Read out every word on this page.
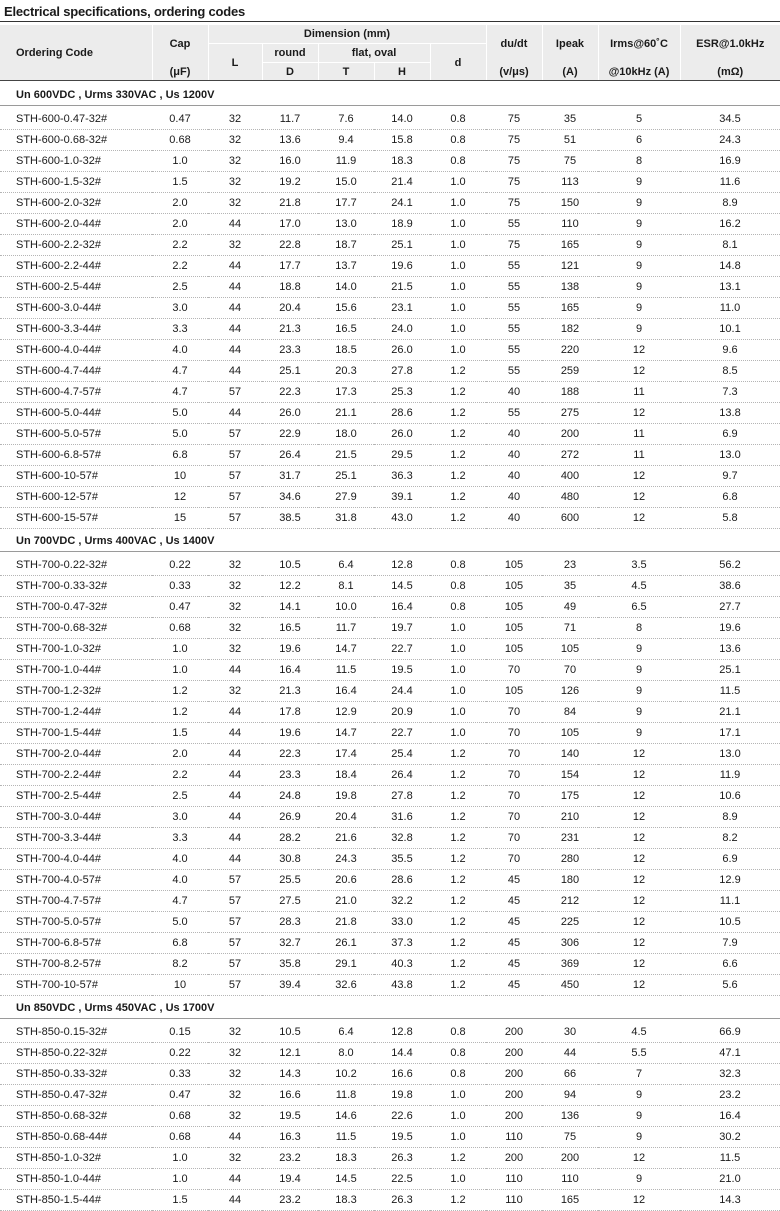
Electrical specifications, ordering codes
Ordering Code	Cap	Dimension (mm)					du/dt	Ipeak	Irms@60˚C	ESR@1.0kHz
		L	round	flat, oval		d				
	(μF)		D	T	H		(v/μs)	(A)	@10kHz (A)	(mΩ)
Un 600VDC , Urms 330VAC , Us 1200V
STH-600-0.47-32#	0.47	32	11.7	7.6	14.0	0.8	75	35	5	34.5
STH-600-0.68-32#	0.68	32	13.6	9.4	15.8	0.8	75	51	6	24.3
STH-600-1.0-32#	1.0	32	16.0	11.9	18.3	0.8	75	75	8	16.9
STH-600-1.5-32#	1.5	32	19.2	15.0	21.4	1.0	75	113	9	11.6
STH-600-2.0-32#	2.0	32	21.8	17.7	24.1	1.0	75	150	9	8.9
STH-600-2.0-44#	2.0	44	17.0	13.0	18.9	1.0	55	110	9	16.2
STH-600-2.2-32#	2.2	32	22.8	18.7	25.1	1.0	75	165	9	8.1
STH-600-2.2-44#	2.2	44	17.7	13.7	19.6	1.0	55	121	9	14.8
STH-600-2.5-44#	2.5	44	18.8	14.0	21.5	1.0	55	138	9	13.1
STH-600-3.0-44#	3.0	44	20.4	15.6	23.1	1.0	55	165	9	11.0
STH-600-3.3-44#	3.3	44	21.3	16.5	24.0	1.0	55	182	9	10.1
STH-600-4.0-44#	4.0	44	23.3	18.5	26.0	1.0	55	220	12	9.6
STH-600-4.7-44#	4.7	44	25.1	20.3	27.8	1.2	55	259	12	8.5
STH-600-4.7-57#	4.7	57	22.3	17.3	25.3	1.2	40	188	11	7.3
STH-600-5.0-44#	5.0	44	26.0	21.1	28.6	1.2	55	275	12	13.8
STH-600-5.0-57#	5.0	57	22.9	18.0	26.0	1.2	40	200	11	6.9
STH-600-6.8-57#	6.8	57	26.4	21.5	29.5	1.2	40	272	11	13.0
STH-600-10-57#	10	57	31.7	25.1	36.3	1.2	40	400	12	9.7
STH-600-12-57#	12	57	34.6	27.9	39.1	1.2	40	480	12	6.8
STH-600-15-57#	15	57	38.5	31.8	43.0	1.2	40	600	12	5.8
Un 700VDC , Urms 400VAC , Us 1400V
STH-700-0.22-32#	0.22	32	10.5	6.4	12.8	0.8	105	23	3.5	56.2
STH-700-0.33-32#	0.33	32	12.2	8.1	14.5	0.8	105	35	4.5	38.6
STH-700-0.47-32#	0.47	32	14.1	10.0	16.4	0.8	105	49	6.5	27.7
STH-700-0.68-32#	0.68	32	16.5	11.7	19.7	1.0	105	71	8	19.6
STH-700-1.0-32#	1.0	32	19.6	14.7	22.7	1.0	105	105	9	13.6
STH-700-1.0-44#	1.0	44	16.4	11.5	19.5	1.0	70	70	9	25.1
STH-700-1.2-32#	1.2	32	21.3	16.4	24.4	1.0	105	126	9	11.5
STH-700-1.2-44#	1.2	44	17.8	12.9	20.9	1.0	70	84	9	21.1
STH-700-1.5-44#	1.5	44	19.6	14.7	22.7	1.0	70	105	9	17.1
STH-700-2.0-44#	2.0	44	22.3	17.4	25.4	1.2	70	140	12	13.0
STH-700-2.2-44#	2.2	44	23.3	18.4	26.4	1.2	70	154	12	11.9
STH-700-2.5-44#	2.5	44	24.8	19.8	27.8	1.2	70	175	12	10.6
STH-700-3.0-44#	3.0	44	26.9	20.4	31.6	1.2	70	210	12	8.9
STH-700-3.3-44#	3.3	44	28.2	21.6	32.8	1.2	70	231	12	8.2
STH-700-4.0-44#	4.0	44	30.8	24.3	35.5	1.2	70	280	12	6.9
STH-700-4.0-57#	4.0	57	25.5	20.6	28.6	1.2	45	180	12	12.9
STH-700-4.7-57#	4.7	57	27.5	21.0	32.2	1.2	45	212	12	11.1
STH-700-5.0-57#	5.0	57	28.3	21.8	33.0	1.2	45	225	12	10.5
STH-700-6.8-57#	6.8	57	32.7	26.1	37.3	1.2	45	306	12	7.9
STH-700-8.2-57#	8.2	57	35.8	29.1	40.3	1.2	45	369	12	6.6
STH-700-10-57#	10	57	39.4	32.6	43.8	1.2	45	450	12	5.6
Un 850VDC , Urms 450VAC , Us 1700V
STH-850-0.15-32#	0.15	32	10.5	6.4	12.8	0.8	200	30	4.5	66.9
STH-850-0.22-32#	0.22	32	12.1	8.0	14.4	0.8	200	44	5.5	47.1
STH-850-0.33-32#	0.33	32	14.3	10.2	16.6	0.8	200	66	7	32.3
STH-850-0.47-32#	0.47	32	16.6	11.8	19.8	1.0	200	94	9	23.2
STH-850-0.68-32#	0.68	32	19.5	14.6	22.6	1.0	200	136	9	16.4
STH-850-0.68-44#	0.68	44	16.3	11.5	19.5	1.0	110	75	9	30.2
STH-850-1.0-32#	1.0	32	23.2	18.3	26.3	1.2	200	200	12	11.5
STH-850-1.0-44#	1.0	44	19.4	14.5	22.5	1.0	110	110	9	21.0
STH-850-1.5-44#	1.5	44	23.2	18.3	26.3	1.2	110	165	12	14.3
